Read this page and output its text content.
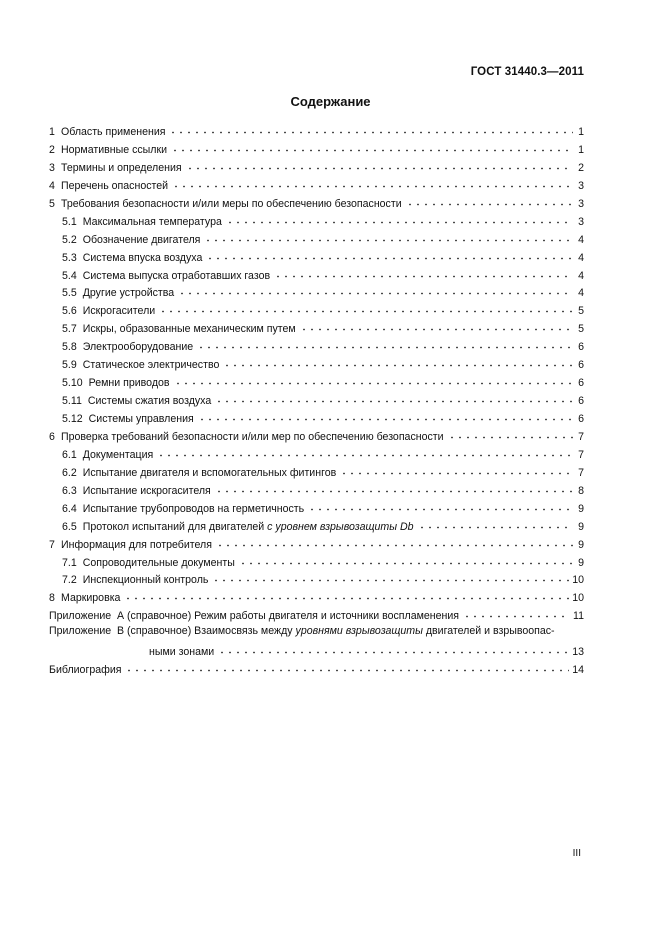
ГОСТ 31440.3—2011
Содержание
1 Область применения	1
2 Нормативные ссылки	1
3 Термины и определения	2
4 Перечень опасностей	3
5 Требования безопасности и/или меры по обеспечению безопасности	3
5.1 Максимальная температура	3
5.2 Обозначение двигателя	4
5.3 Система впуска воздуха	4
5.4 Система выпуска отработавших газов	4
5.5 Другие устройства	4
5.6 Искрогасители	5
5.7 Искры, образованные механическим путем	5
5.8 Электрооборудование	6
5.9 Статическое электричество	6
5.10 Ремни приводов	6
5.11 Системы сжатия воздуха	6
5.12 Системы управления	6
6 Проверка требований безопасности и/или мер по обеспечению безопасности	7
6.1 Документация	7
6.2 Испытание двигателя и вспомогательных фитингов	7
6.3 Испытание искрогасителя	8
6.4 Испытание трубопроводов на герметичность	9
6.5 Протокол испытаний для двигателей с уровнем взрывозащиты Db	9
7 Информация для потребителя	9
7.1 Сопроводительные документы	9
7.2 Инспекционный контроль	10
8 Маркировка	10
Приложение  А (справочное) Режим работы двигателя и источники воспламенения	11
Приложение  В (справочное) Взаимосвязь между уровнями взрывозащиты двигателей и взрывоопас-
ными зонами	13
Библиография	14
III
